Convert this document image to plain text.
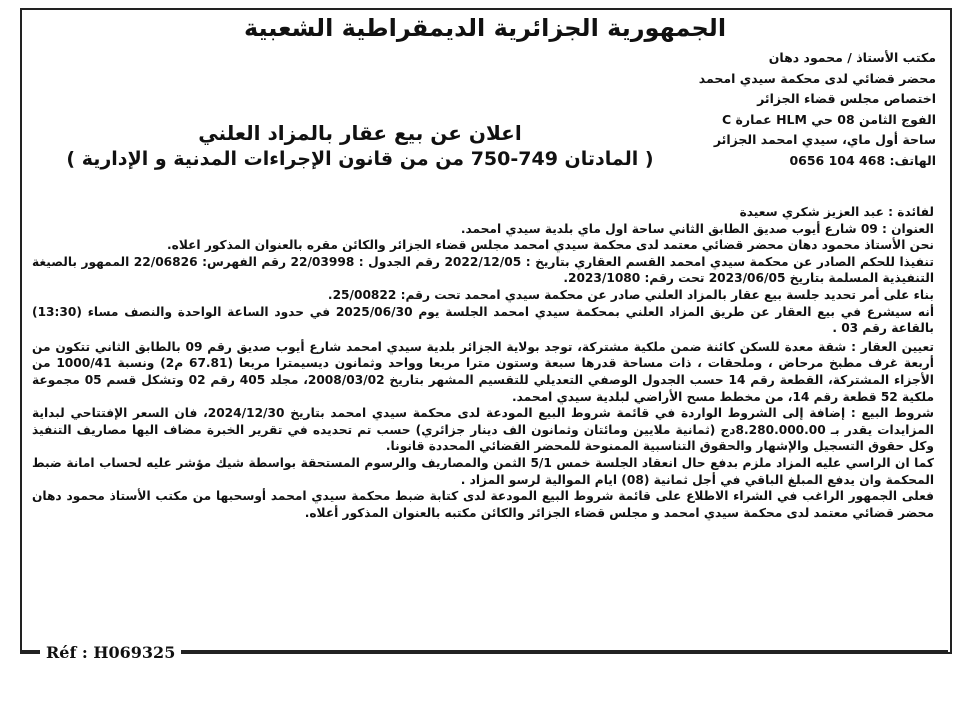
الجمهورية الجزائرية الديمقراطية الشعبية
مكتب الأستاذ / محمود دهان
محضر قضائي لدى محكمة سيدي امحمد
اختصاص مجلس قضاء الجزائر
الفوج الثامن 08 حي HLM عمارة C
ساحة أول ماي، سيدي امحمد الجزائر
الهاتف: 468 104 0656
اعلان عن بيع عقار بالمزاد العلني
( المادتان 749-750 من من قانون الإجراءات المدنية و الإدارية )

لفائدة : عبد العزيز شكري سعيدة

العنوان : 09 شارع أيوب صديق الطابق الثاني ساحة اول ماي بلدية سيدي امحمد.

نحن الأستاذ محمود دهان محضر قضائي معتمد لدى محكمة سيدي امحمد مجلس قضاء الجزائر والكائن مقره بالعنوان المذكور اعلاه.

تنفيذا للحكم الصادر عن محكمة سيدي امحمد القسم العقاري بتاريخ : 2022/12/05 رقم الجدول : 22/03998 رقم الفهرس: 22/06826 الممهور بالصيغة التنفيذية المسلمة بتاريخ 2023/06/05 تحت رقم: 2023/1080.

بناء على أمر تحديد جلسة بيع عقار بالمزاد العلني صادر عن محكمة سيدي امحمد تحت رقم: 25/00822.

أنه سيشرع في بيع العقار عن طريق المزاد العلني بمحكمة سيدي امحمد الجلسة يوم 2025/06/30 في حدود الساعة الواحدة والنصف مساء (13:30) بالقاعة رقم 03 .

تعيين العقار : شقة معدة للسكن كائنة ضمن ملكية مشتركة، توجد بولاية الجزائر بلدية سيدي امحمد شارع أيوب صديق رقم 09 بالطابق الثاني تتكون من أربعة غرف مطبخ مرحاض ، وملحقات ، ذات مساحة قدرها سبعة وستون مترا مربعا وواحد وثمانون ديسيمترا مربعا (67.81 م2) ونسبة 1000/41 من الأجزاء المشتركة، القطعة رقم 14 حسب الجدول الوصفي التعديلي للتقسيم المشهر بتاريخ 2008/03/02، مجلد 405 رقم 02 وتشكل قسم 05 مجموعة ملكية 52 قطعة رقم 14، من مخطط مسح الأراضي لبلدية سيدي امحمد.

شروط البيع : إضافة إلى الشروط الواردة في قائمة شروط البيع المودعة لدى محكمة سيدي امحمد بتاريخ 2024/12/30، فان السعر الإفتتاحي لبداية المزايدات يقدر بـ 8.280.000.00دج (ثمانية ملايين ومائتان وثمانون الف دينار جزائري) حسب تم تحديده في تقرير الخبرة مضاف اليها مصاريف التنفيذ وكل حقوق التسجيل والإشهار والحقوق التناسبية الممنوحة للمحضر القضائي المحددة قانونا.

كما ان الراسي عليه المزاد ملزم بدفع حال انعقاد الجلسة خمس 5/1 الثمن والمصاريف والرسوم المستحقة بواسطة شيك مؤشر عليه لحساب امانة ضبط المحكمة وان يدفع المبلغ الباقي في أجل ثمانية (08) ايام الموالية لرسو المزاد .

فعلى الجمهور الراغب في الشراء الاطلاع على قائمة شروط البيع المودعة لدى كتابة ضبط محكمة سيدي امحمد أوسحبها من مكتب الأستاذ محمود دهان محضر قضائي معتمد لدى محكمة سيدي امحمد و مجلس قضاء الجزائر والكائن مكتبه بالعنوان المذكور أعلاه.

Réf : H069325
